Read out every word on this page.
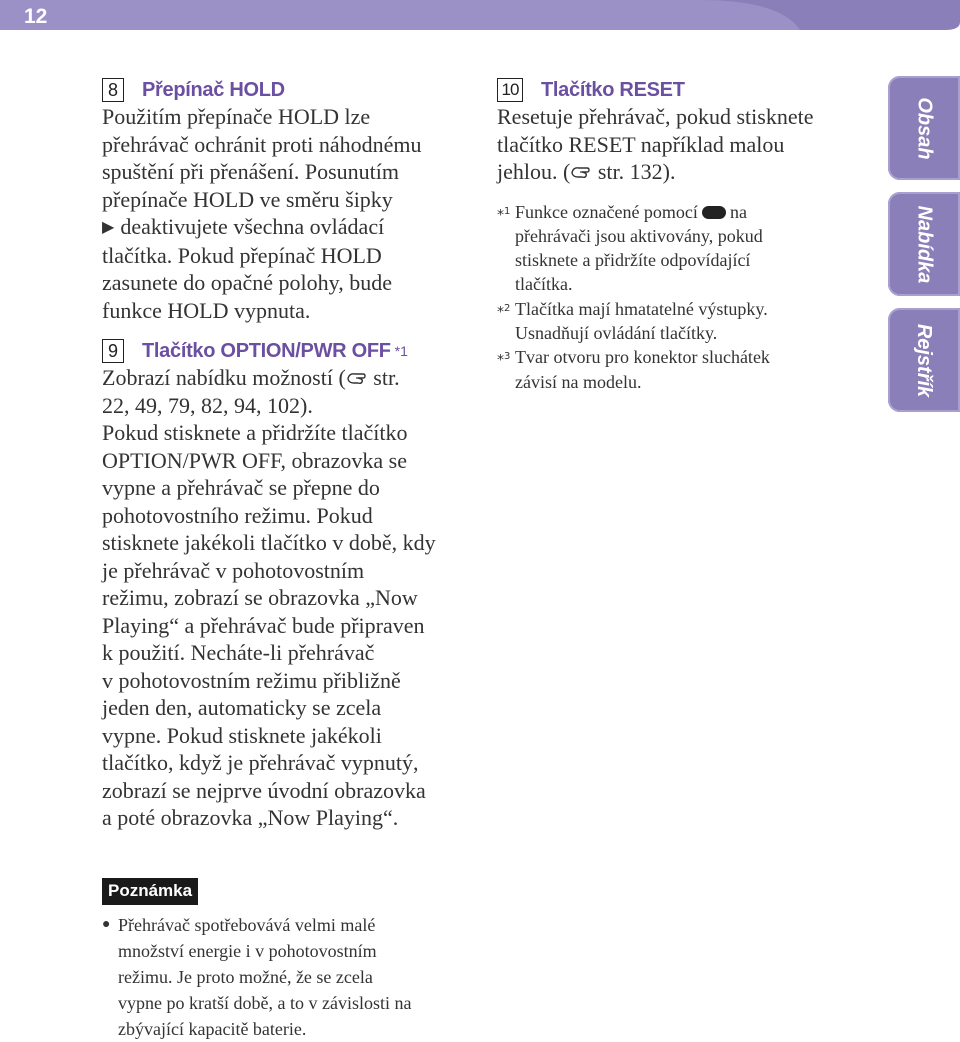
12
8	Přepínač HOLD

Použitím přepínače HOLD lze
přehrávač ochránit proti náhodnému
spuštění při přenášení. Posunutím
přepínače HOLD ve směru šipky
▶ deaktivujete všechna ovládací
tlačítka. Pokud přepínač HOLD
zasunete do opačné polohy, bude
funkce HOLD vypnuta.

9	Tlačítko OPTION/PWR OFF *1

Zobrazí nabídku možností ( str.
22, 49, 79, 82, 94, 102).
Pokud stisknete a přidržíte tlačítko
OPTION/PWR OFF, obrazovka se
vypne a přehrávač se přepne do
pohotovostního režimu. Pokud
stisknete jakékoli tlačítko v době, kdy
je přehrávač v pohotovostním
režimu, zobrazí se obrazovka „Now
Playing“ a přehrávač bude připraven
k použití. Necháte-li přehrávač
v pohotovostním režimu přibližně
jeden den, automaticky se zcela
vypne. Pokud stisknete jakékoli
tlačítko, když je přehrávač vypnutý,
zobrazí se nejprve úvodní obrazovka
a poté obrazovka „Now Playing“.

10 Tlačítko RESET

Resetuje přehrávač, pokud stisknete
tlačítko RESET například malou
jehlou. ( str. 132).

*$^1$ Funkce označené pomocí na
přehrávači jsou aktivovány, pokud
stisknete a přidržíte odpovídající
tlačítka.
*$^2$ Tlačítka mají hmatatelné výstupky.
Usnadňují ovládání tlačítky.
*$^3$ Tvar otvoru pro konektor sluchátek
závisí na modelu.
Obsah
Nabídka
Rejstřík
Poznámka
● Přehrávač spotřebovává velmi malé
množství energie i v pohotovostním
režimu. Je proto možné, že se zcela
vypne po kratší době, a to v závislosti na
zbývající kapacitě baterie.
